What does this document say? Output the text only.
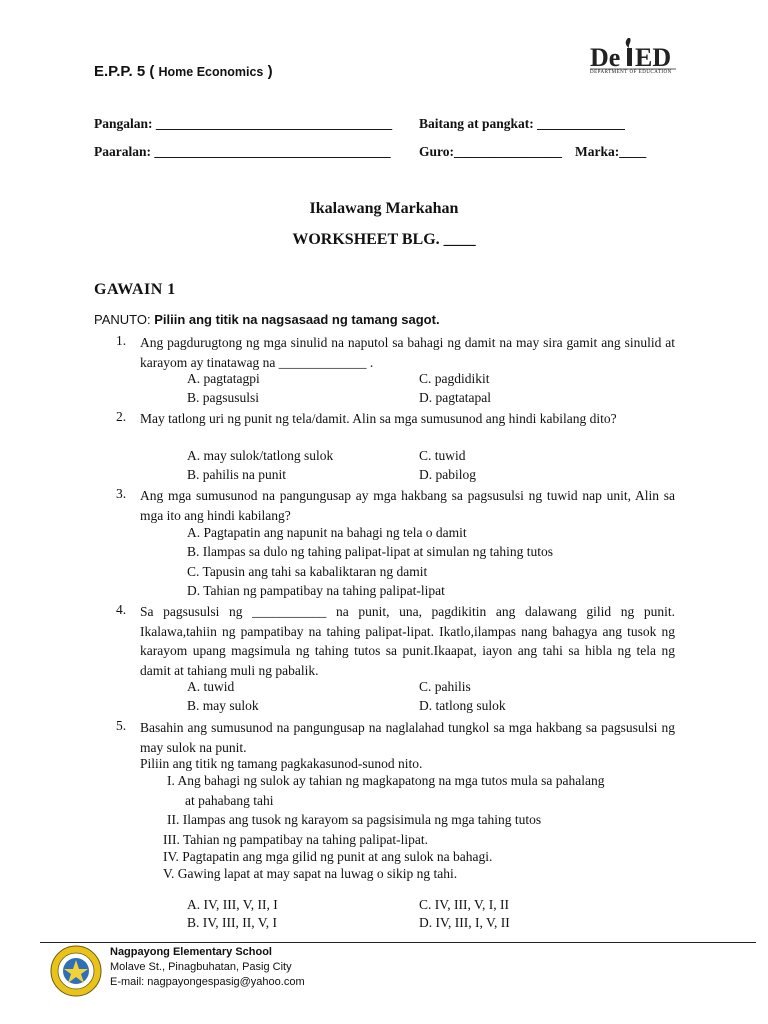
E.P.P. 5 ( Home Economics )	De ED
DEPARTMENT OF EDUCATION
Pangalan: ___________________________________ Baitang at pangkat: _____________
Paaralan: ___________________________________ Guro:________________ Marka:____
Ikalawang Markahan
WORKSHEET BLG. ____
GAWAIN 1
PANUTO: Piliin ang titik na nagsasaad ng tamang sagot.
1. Ang pagdurugtong ng mga sinulid na naputol sa bahagi ng damit na may sira gamit ang sinulid at karayom ay tinatawag na _____________ .
A. pagtatagpi	C. pagdidikit
B. pagsusulsi	D. pagtatapal
2. May tatlong uri ng punit ng tela/damit. Alin sa mga sumusunod ang hindi kabilang dito?
A. may sulok/tatlong sulok	C. tuwid
B. pahilis na punit	D. pabilog
3. Ang mga sumusunod na pangungusap ay mga hakbang sa pagsusulsi ng tuwid nap unit, Alin sa mga ito ang hindi kabilang?
A. Pagtapatin ang napunit na bahagi ng tela o damit
B. Ilampas sa dulo ng tahing palipat-lipat at simulan ng tahing tutos
C. Tapusin ang tahi sa kabaliktaran ng damit
D. Tahian ng pampatibay na tahing palipat-lipat
4. Sa pagsusulsi ng ___________ na punit, una, pagdikitin ang dalawang gilid ng punit. Ikalawa,tahiin ng pampatibay na tahing palipat-lipat. Ikatlo,ilampas nang bahagya ang tusok ng karayom upang magsimula ng tahing tutos sa punit.Ikaapat, iayon ang tahi sa hibla ng tela ng damit at tahiang muli ng pabalik.
A. tuwid	C. pahilis
B. may sulok	D. tatlong sulok
5. Basahin ang sumusunod na pangungusap na naglalahad tungkol sa mga hakbang sa pagsusulsi ng may sulok na punit.
Piliin ang titik ng tamang pagkakasunod-sunod nito.
I. Ang bahagi ng sulok ay tahian ng magkapatong na mga tutos mula sa pahalang
at pahabang tahi
II. Ilampas ang tusok ng karayom sa pagsisimula ng mga tahing tutos
III. Tahian ng pampatibay na tahing palipat-lipat.
IV. Pagtapatin ang mga gilid ng punit at ang sulok na bahagi.
V. Gawing lapat at may sapat na luwag o sikip ng tahi.
A. IV, III, V, II, I	C. IV, III, V, I, II
B. IV, III, II, V, I	D. IV, III, I, V, II
Nagpayong Elementary School
Molave St., Pinagbuhatan, Pasig City
E-mail: nagpayongespasig@yahoo.com
